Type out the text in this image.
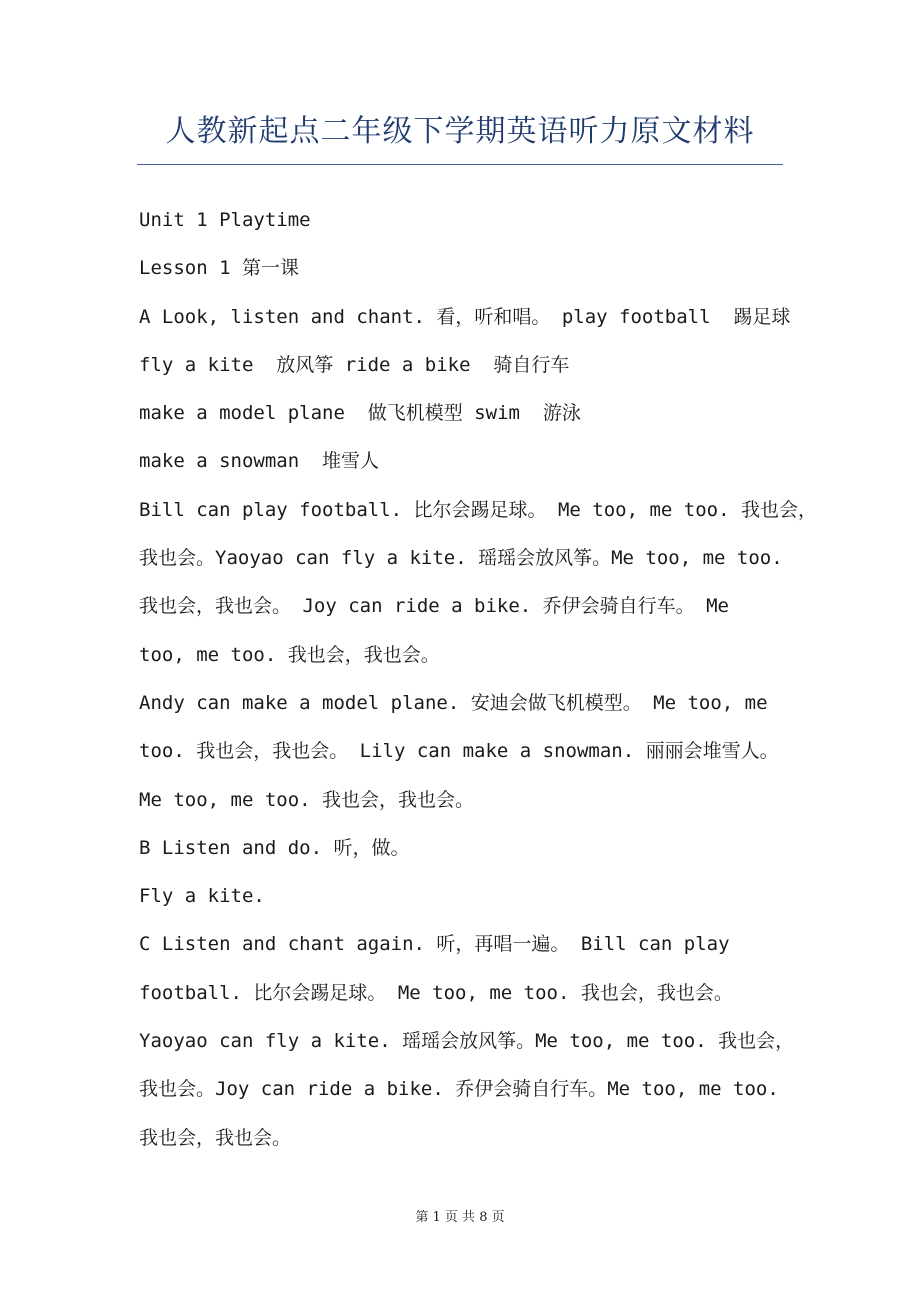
人教新起点二年级下学期英语听力原文材料
Unit 1 Playtime
Lesson 1 第一课
A Look, listen and chant. 看，听和唱。 play football  踢足球
fly a kite  放风筝 ride a bike  骑自行车
make a model plane  做飞机模型 swim  游泳
make a snowman  堆雪人
Bill can play football. 比尔会踢足球。 Me too, me too. 我也会，
我也会。Yaoyao can fly a kite. 瑶瑶会放风筝。Me too, me too.
我也会，我也会。 Joy can ride a bike. 乔伊会骑自行车。 Me
too, me too. 我也会，我也会。
Andy can make a model plane. 安迪会做飞机模型。 Me too, me
too. 我也会，我也会。 Lily can make a snowman. 丽丽会堆雪人。
Me too, me too. 我也会，我也会。
B Listen and do. 听，做。
Fly a kite.
C Listen and chant again. 听，再唱一遍。 Bill can play
football. 比尔会踢足球。 Me too, me too. 我也会，我也会。
Yaoyao can fly a kite. 瑶瑶会放风筝。Me too, me too. 我也会，
我也会。Joy can ride a bike. 乔伊会骑自行车。Me too, me too.
我也会，我也会。
第 1 页 共 8 页
